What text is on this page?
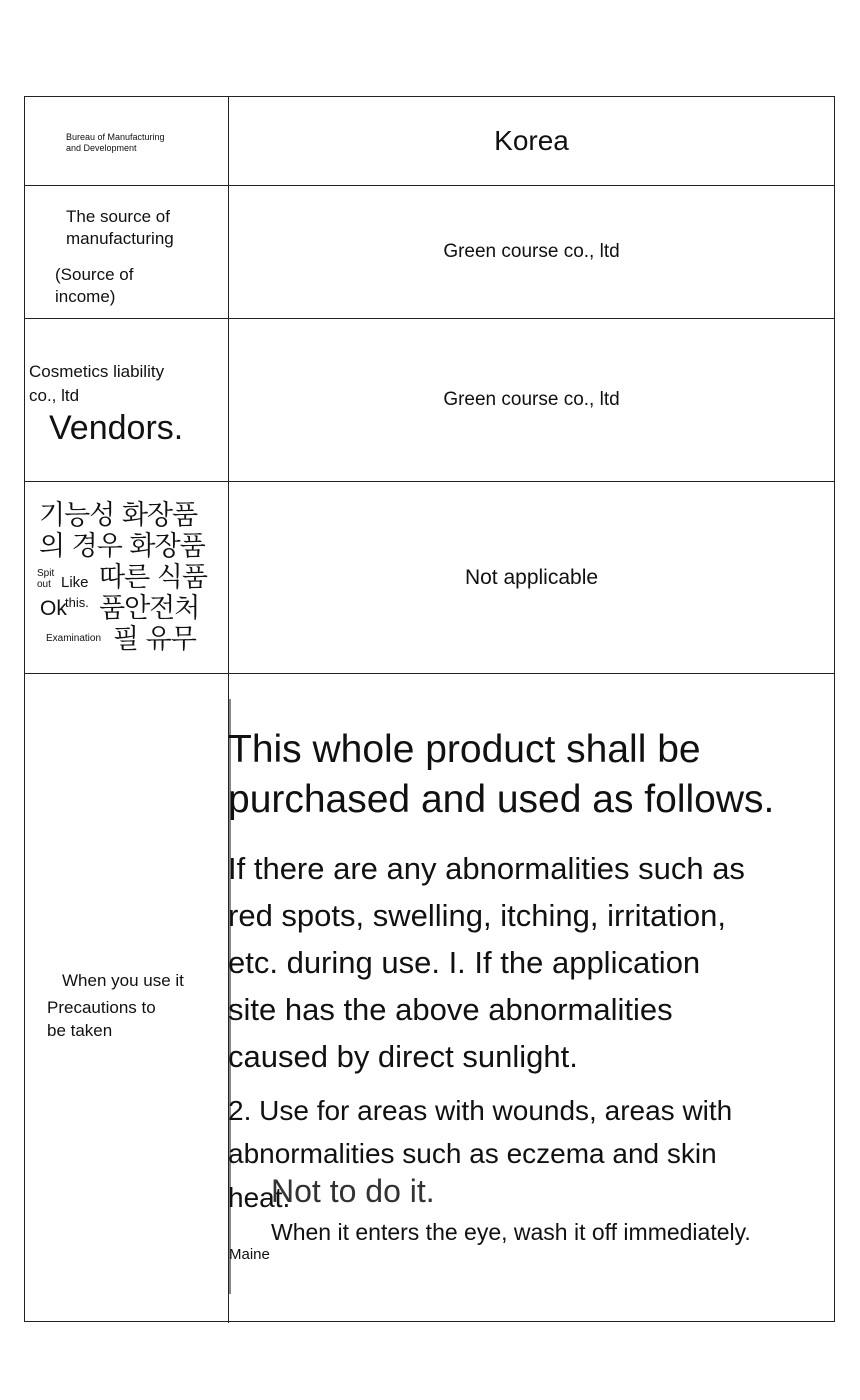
Bureau of Manufacturing
and Development	Korea
The source of
manufacturing
(Source of
income)
Green course co., ltd
Cosmetics liability
co., ltd
Vendors.
Green course co., ltd
기능성 화장품
의 경우 화장품
따른 식품
품안전처
필 유무
Spit
out Like
this.
Ok
Examination
Not applicable
When you use it
Precautions to
be taken
This whole product shall be
purchased and used as follows.
If there are any abnormalities such as
red spots, swelling, itching, irritation,
etc. during use. I. If the application
site has the above abnormalities
caused by direct sunlight.
2. Use for areas with wounds, areas with
abnormalities such as eczema and skin
heat.
Not to do it.
When it enters the eye, wash it off immediately.
Maine
